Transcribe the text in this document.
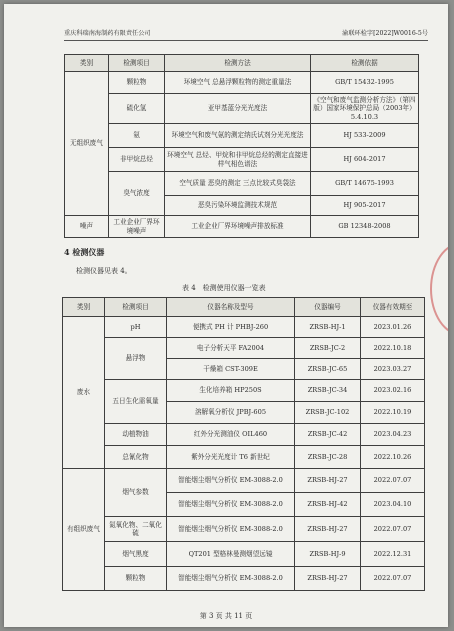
重庆科瑞南海制药有限责任公司	渝联环检字[2022]W0016-5号
类别	检测项目	检测方法	检测依据
无组织废气	颗粒物	环境空气 总悬浮颗粒物的测定重量法	GB/T 15432-1995
	硫化氢	亚甲基蓝分光光度法	《空气和废气监测分析方法》（第四版）国家环境保护总局（2003年）5.4.10.3
	氨	环境空气和废气氨的测定纳氏试剂分光光度法	HJ 533-2009
	非甲烷总烃	环境空气 总烃、甲烷和非甲烷总烃的测定直接进样气相色谱法	HJ 604-2017
	臭气浓度	空气质量 恶臭的测定 三点比较式臭袋法	GB/T 14675-1993
		恶臭污染环境监测技术规范	HJ 905-2017
噪声	工业企业厂界环境噪声	工业企业厂界环境噪声排放标准	GB 12348-2008
4 检测仪器
检测仪器见表 4。
表 4　检测使用仪器一览表
类别	检测项目	仪器名称及型号	仪器编号	仪器有效期至
废水	pH	便携式 PH 计 PHBJ-260	ZRSB-HJ-1	2023.01.26
	悬浮物	电子分析天平 FA2004	ZRSB-JC-2	2022.10.18
		干燥箱 CST-309E	ZRSB-JC-65	2023.03.27
	五日生化需氧量	生化培养箱 HP250S	ZRSB-JC-34	2023.02.16
		溶解氧分析仪 JPBJ-605	ZRSB-JC-102	2022.10.19
	动植物油	红外分光测油仪 OIL460	ZRSB-JC-42	2023.04.23
	总氰化物	紫外分光光度计 T6 新世纪	ZRSB-JC-28	2022.10.26
有组织废气	烟气参数	智能烟尘烟气分析仪 EM-3088-2.0	ZRSB-HJ-27	2022.07.07
		智能烟尘烟气分析仪 EM-3088-2.0	ZRSB-HJ-42	2023.04.10
	氮氧化物、二氧化硫	智能烟尘烟气分析仪 EM-3088-2.0	ZRSB-HJ-27	2022.07.07
	烟气黑度	QT201 型格林曼测烟望远镜	ZRSB-HJ-9	2022.12.31
	颗粒物	智能烟尘烟气分析仪 EM-3088-2.0	ZRSB-HJ-27	2022.07.07
第 3 页 共 11 页
